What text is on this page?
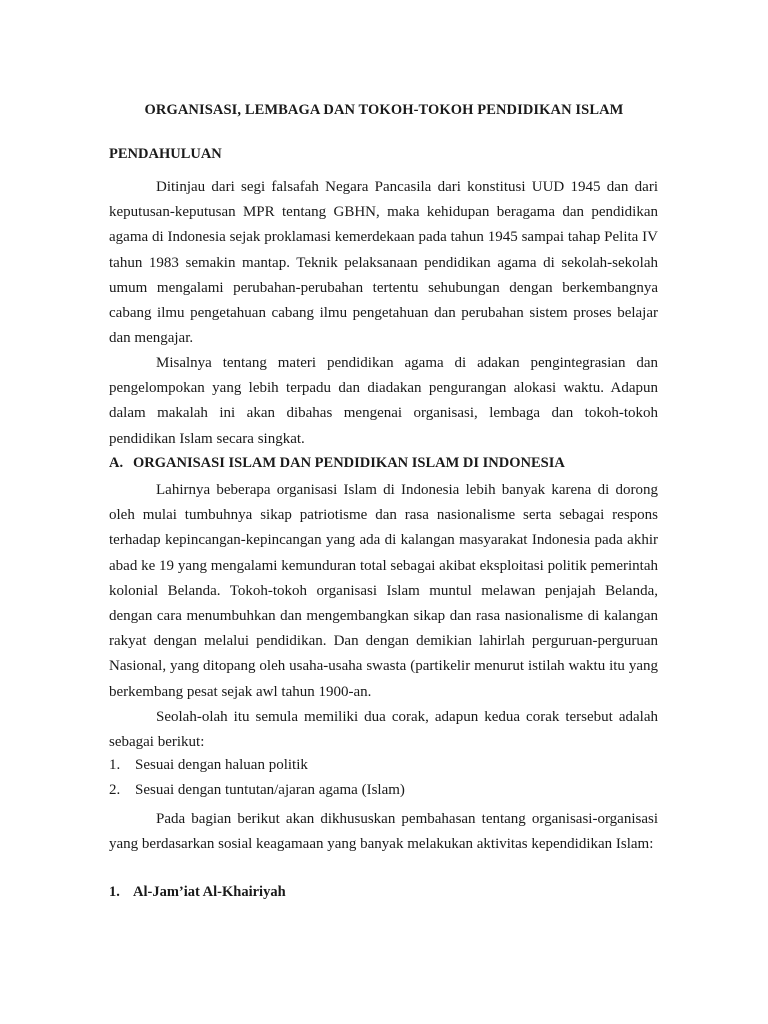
ORGANISASI, LEMBAGA DAN TOKOH-TOKOH PENDIDIKAN ISLAM
PENDAHULUAN

Ditinjau dari segi falsafah Negara Pancasila dari konstitusi UUD 1945 dan dari keputusan-keputusan MPR tentang GBHN, maka kehidupan beragama dan pendidikan agama di Indonesia sejak proklamasi kemerdekaan pada tahun 1945 sampai tahap Pelita IV tahun 1983 semakin mantap. Teknik pelaksanaan pendidikan agama di sekolah-sekolah umum mengalami perubahan-perubahan tertentu sehubungan dengan berkembangnya cabang ilmu pengetahuan cabang ilmu pengetahuan dan perubahan sistem proses belajar dan mengajar.

Misalnya tentang materi pendidikan agama di adakan pengintegrasian dan pengelompokan yang lebih terpadu dan diadakan pengurangan alokasi waktu. Adapun dalam makalah ini akan dibahas mengenai organisasi, lembaga dan tokoh-tokoh pendidikan Islam secara singkat.

A. ORGANISASI ISLAM DAN PENDIDIKAN ISLAM DI INDONESIA

Lahirnya beberapa organisasi Islam di Indonesia lebih banyak karena di dorong oleh mulai tumbuhnya sikap patriotisme dan rasa nasionalisme serta sebagai respons terhadap kepincangan-kepincangan yang ada di kalangan masyarakat Indonesia pada akhir abad ke 19 yang mengalami kemunduran total sebagai akibat eksploitasi politik pemerintah kolonial Belanda. Tokoh-tokoh organisasi Islam muntul melawan penjajah Belanda, dengan cara menumbuhkan dan mengembangkan sikap dan rasa nasionalisme di kalangan rakyat dengan melalui pendidikan. Dan dengan demikian lahirlah perguruan-perguruan Nasional, yang ditopang oleh usaha-usaha swasta (partikelir menurut istilah waktu itu yang berkembang pesat sejak awl tahun 1900-an.

Seolah-olah itu semula memiliki dua corak, adapun kedua corak tersebut adalah sebagai berikut:

1. Sesuai dengan haluan politik
2. Sesuai dengan tuntutan/ajaran agama (Islam)

Pada bagian berikut akan dikhususkan pembahasan tentang organisasi-organisasi yang berdasarkan sosial keagamaan yang banyak melakukan aktivitas kependidikan Islam:

1. Al-Jam’iat Al-Khairiyah
